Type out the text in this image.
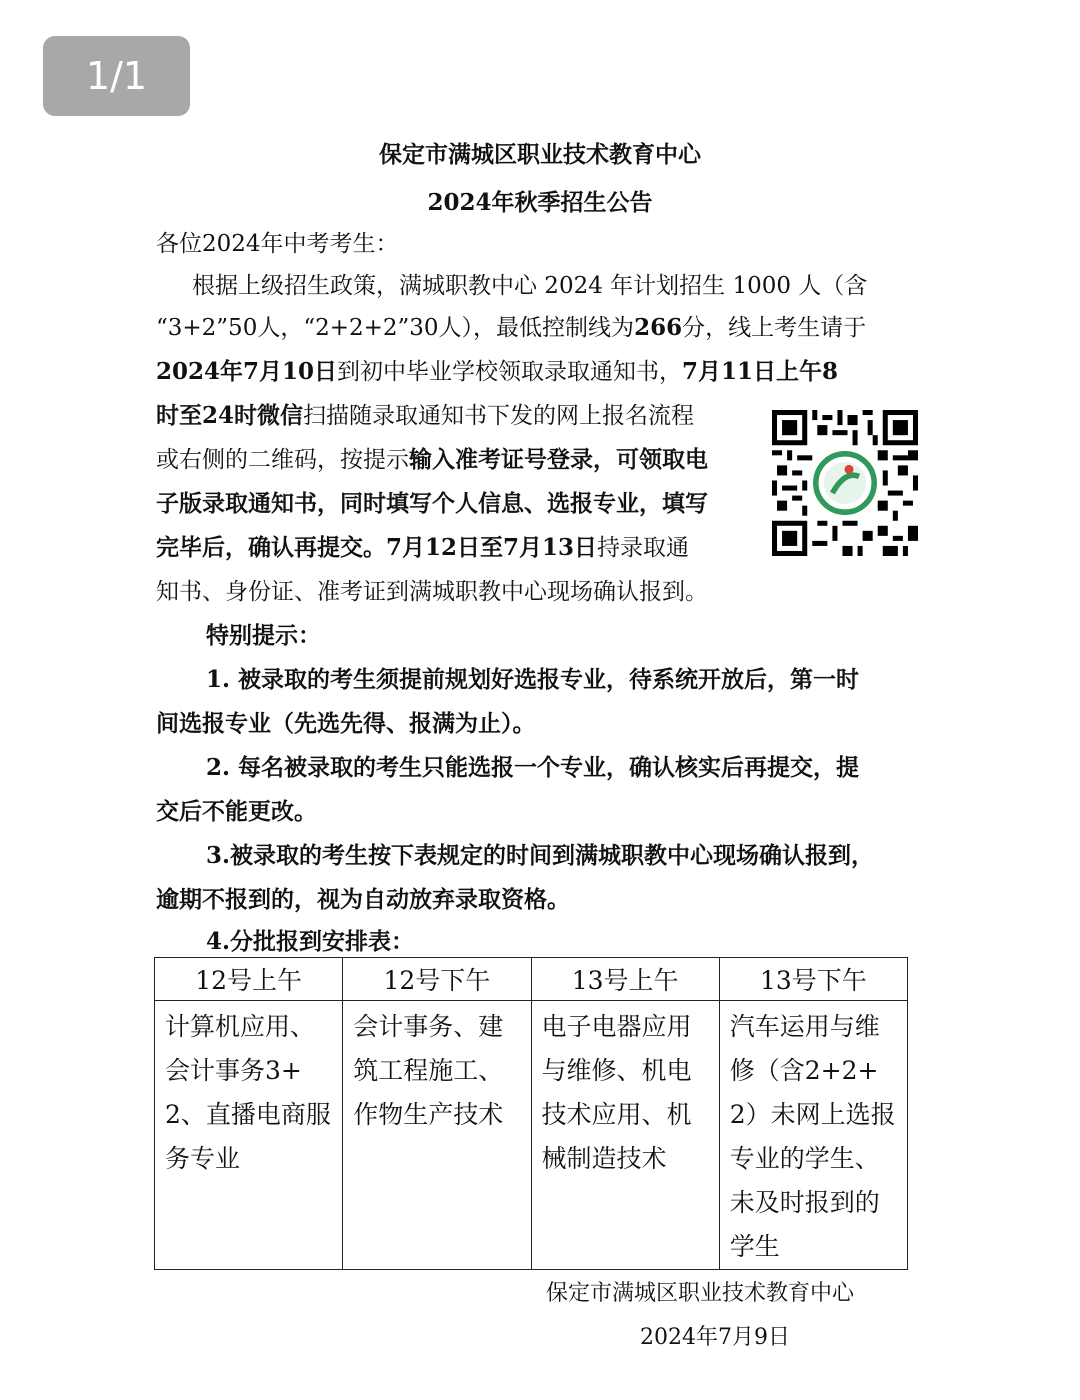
1/1
保定市满城区职业技术教育中心
2024年秋季招生公告
各位2024年中考考生：
根据上级招生政策，满城职教中心 2024 年计划招生 1000 人（含
“3+2”50人，“2+2+2”30人），最低控制线为266分，线上考生请于
2024年7月10日到初中毕业学校领取录取通知书，7月11日上午8
时至24时微信扫描随录取通知书下发的网上报名流程
或右侧的二维码，按提示输入准考证号登录，可领取电
子版录取通知书，同时填写个人信息、选报专业，填写
完毕后，确认再提交。7月12日至7月13日持录取通
知书、身份证、准考证到满城职教中心现场确认报到。
特别提示：
1. 被录取的考生须提前规划好选报专业，待系统开放后，第一时
间选报专业（先选先得、报满为止）。
2. 每名被录取的考生只能选报一个专业，确认核实后再提交，提
交后不能更改。
3.被录取的考生按下表规定的时间到满城职教中心现场确认报到，
逾期不报到的，视为自动放弃录取资格。
4.分批报到安排表：
12号上午	12号下午	13号上午	13号下午
计算机应用、会计事务3+2、直播电商服务专业	会计事务、建筑工程施工、作物生产技术	电子电器应用与维修、机电技术应用、机械制造技术	汽车运用与维修（含2+2+2）未网上选报专业的学生、未及时报到的学生
保定市满城区职业技术教育中心
2024年7月9日
